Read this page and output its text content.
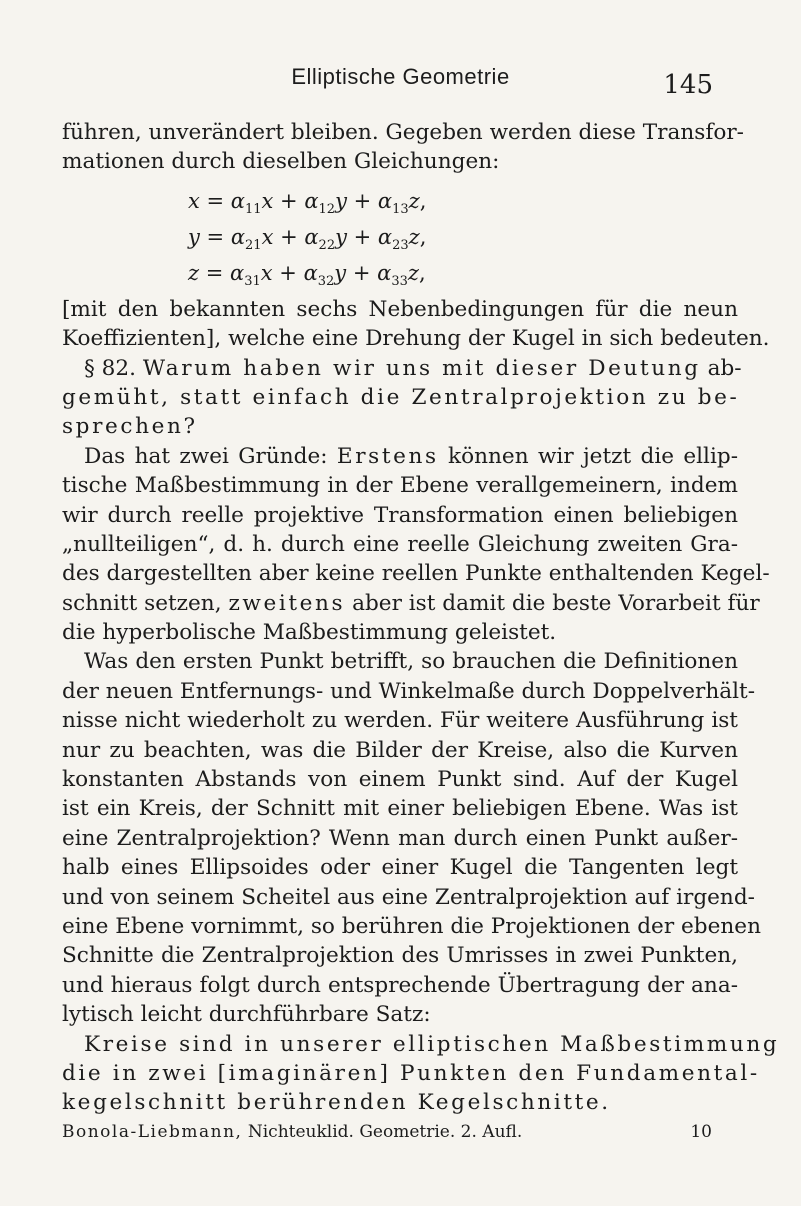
Elliptische Geometrie	145
führen, unverändert bleiben. Gegeben werden diese Transfor-
mationen durch dieselben Gleichungen:
$x = \alpha_{11}x + \alpha_{12}y + \alpha_{13}z$,
$y = \alpha_{21}x + \alpha_{22}y + \alpha_{23}z$,
$z = \alpha_{31}x + \alpha_{32}y + \alpha_{33}z$,
[mit den bekannten sechs Nebenbedingungen für die neun
Koeffizienten], welche eine Drehung der Kugel in sich bedeuten.
§ 82. Warum haben wir uns mit dieser Deutung ab-
gemüht, statt einfach die Zentralprojektion zu be-
sprechen?
Das hat zwei Gründe: Erstens können wir jetzt die ellip-
tische Maßbestimmung in der Ebene verallgemeinern, indem
wir durch reelle projektive Transformation einen beliebigen
„nullteiligen“, d. h. durch eine reelle Gleichung zweiten Gra-
des dargestellten aber keine reellen Punkte enthaltenden Kegel-
schnitt setzen, zweitens aber ist damit die beste Vorarbeit für
die hyperbolische Maßbestimmung geleistet.
Was den ersten Punkt betrifft, so brauchen die Definitionen
der neuen Entfernungs- und Winkelmaße durch Doppelverhält-
nisse nicht wiederholt zu werden. Für weitere Ausführung ist
nur zu beachten, was die Bilder der Kreise, also die Kurven
konstanten Abstands von einem Punkt sind. Auf der Kugel
ist ein Kreis, der Schnitt mit einer beliebigen Ebene. Was ist
eine Zentralprojektion? Wenn man durch einen Punkt außer-
halb eines Ellipsoides oder einer Kugel die Tangenten legt
und von seinem Scheitel aus eine Zentralprojektion auf irgend-
eine Ebene vornimmt, so berühren die Projektionen der ebenen
Schnitte die Zentralprojektion des Umrisses in zwei Punkten,
und hieraus folgt durch entsprechende Übertragung der ana-
lytisch leicht durchführbare Satz:
Kreise sind in unserer elliptischen Maßbestimmung
die in zwei [imaginären] Punkten den Fundamental-
kegelschnitt berührenden Kegelschnitte.
Bonola-Liebmann, Nichteuklid. Geometrie. 2. Aufl.	10
